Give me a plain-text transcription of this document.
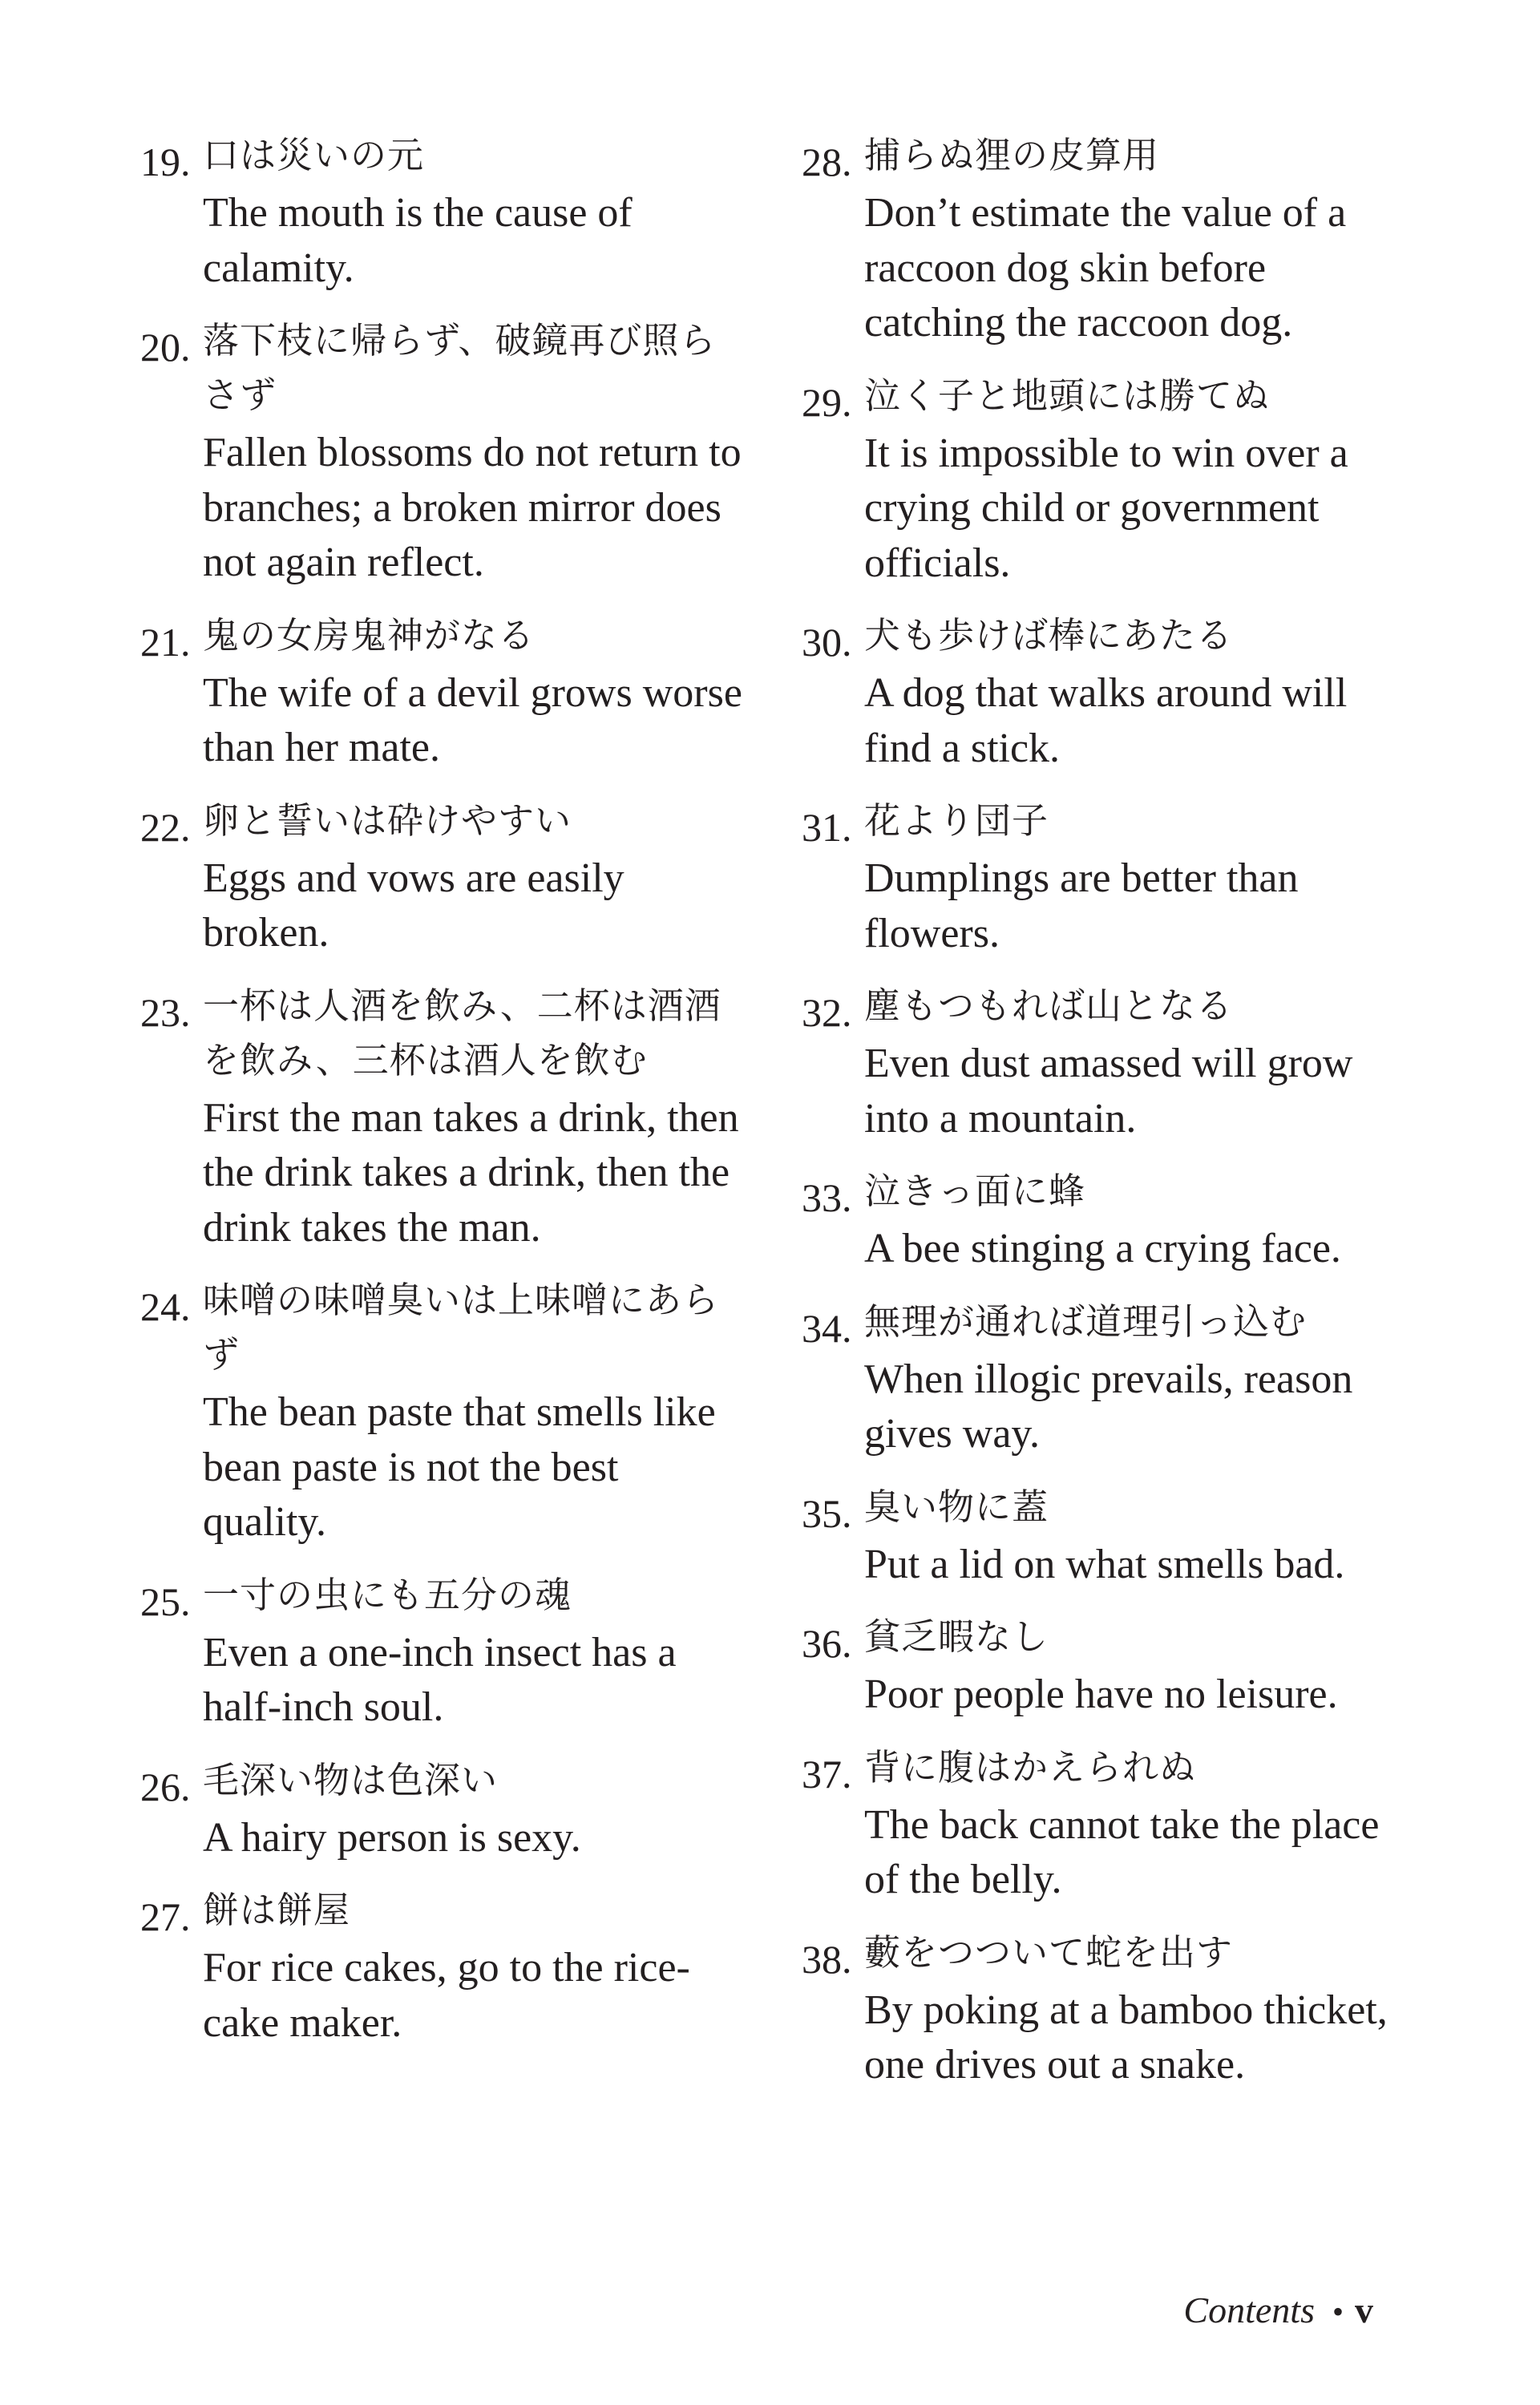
19. 口は災いの元
The mouth is the cause of calamity.
20. 落下枝に帰らず、破鏡再び照らさず
Fallen blossoms do not return to branches; a broken mirror does not again reflect.
21. 鬼の女房鬼神がなる
The wife of a devil grows worse than her mate.
22. 卵と誓いは砕けやすい
Eggs and vows are easily broken.
23. 一杯は人酒を飲み、二杯は酒酒を飲み、三杯は酒人を飲む
First the man takes a drink, then the drink takes a drink, then the drink takes the man.
24. 味噌の味噌臭いは上味噌にあらず
The bean paste that smells like bean paste is not the best quality.
25. 一寸の虫にも五分の魂
Even a one-inch insect has a half-inch soul.
26. 毛深い物は色深い
A hairy person is sexy.
27. 餅は餅屋
For rice cakes, go to the rice-cake maker.
28. 捕らぬ狸の皮算用
Don’t estimate the value of a raccoon dog skin before catching the raccoon dog.
29. 泣く子と地頭には勝てぬ
It is impossible to win over a crying child or government officials.
30. 犬も歩けば棒にあたる
A dog that walks around will find a stick.
31. 花より団子
Dumplings are better than flowers.
32. 塵もつもれば山となる
Even dust amassed will grow into a mountain.
33. 泣きっ面に蜂
A bee stinging a crying face.
34. 無理が通れば道理引っ込む
When illogic prevails, reason gives way.
35. 臭い物に蓋
Put a lid on what smells bad.
36. 貧乏暇なし
Poor people have no leisure.
37. 背に腹はかえられぬ
The back cannot take the place of the belly.
38. 藪をつついて蛇を出す
By poking at a bamboo thicket, one drives out a snake.
Contents • v
